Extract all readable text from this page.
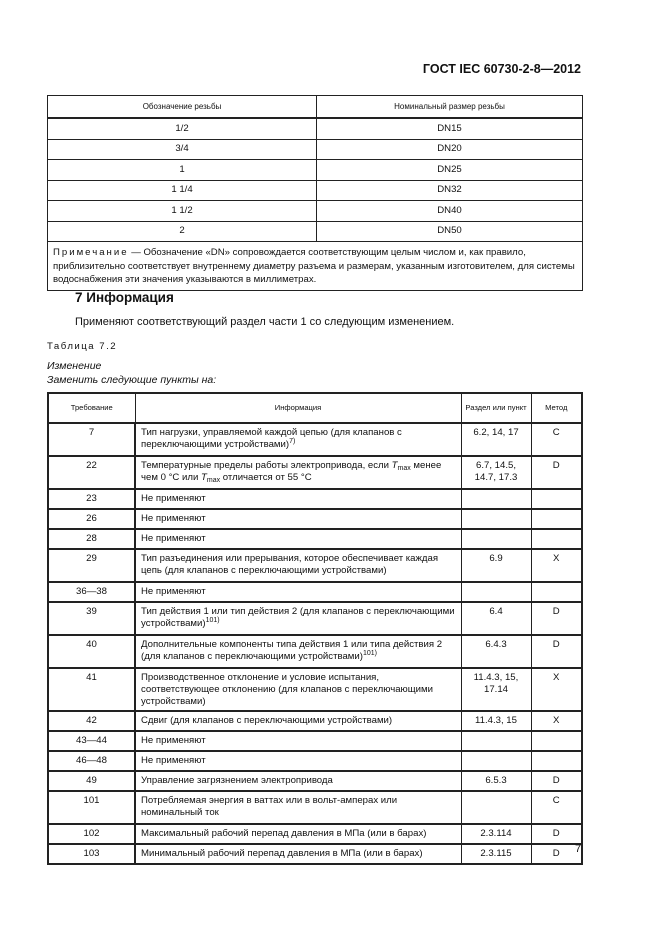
ГОСТ IEC 60730-2-8—2012
Обозначение резьбы	Номинальный размер резьбы
1/2	DN15
3/4	DN20
1	DN25
1 1/4	DN32
1 1/2	DN40
2	DN50
Примечание — Обозначение «DN» сопровождается соответствующим целым числом и, как правило, приблизительно соответствует внутреннему диаметру разъема и размерам, указанным изготовителем, для системы водоснабжения эти значения указываются в миллиметрах.	
7 Информация
Применяют соответствующий раздел части 1 со следующим изменением.
Таблица 7.2
Изменение
Заменить следующие пункты на:
Требование	Информация	Раздел или пункт	Метод
7	Тип нагрузки, управляемой каждой цепью (для клапанов с переключающими устройствами)$^{7)}$	6.2, 14, 17	C
22	Температурные пределы работы электропривода, если $T_{max}$ менее чем 0 °С или $T_{max}$ отличается от 55 °С	6.7, 14.5, 14.7, 17.3	D
23	Не применяют		
26	Не применяют		
28	Не применяют		
29	Тип разъединения или прерывания, которое обеспечивает каждая цепь (для клапанов с переключающими устройствами)	6.9	X
36—38	Не применяют		
39	Тип действия 1 или тип действия 2 (для клапанов с переключающими устройствами)$^{101)}$	6.4	D
40	Дополнительные компоненты типа действия 1 или типа действия 2 (для клапанов с переключающими устройствами)$^{101)}$	6.4.3	D
41	Производственное отклонение и условие испытания, соответствующее отклонению (для клапанов с переключающими устройствами)	11.4.3, 15, 17.14	X
42	Сдвиг (для клапанов с переключающими устройствами)	11.4.3, 15	X
43—44	Не применяют		
46—48	Не применяют		
49	Управление загрязнением электропривода	6.5.3	D
101	Потребляемая энергия в ваттах или в вольт-амперах или номинальный ток		C
102	Максимальный рабочий перепад давления в МПа (или в барах)	2.3.114	D
103	Минимальный рабочий перепад давления в МПа (или в барах)	2.3.115	D 7
